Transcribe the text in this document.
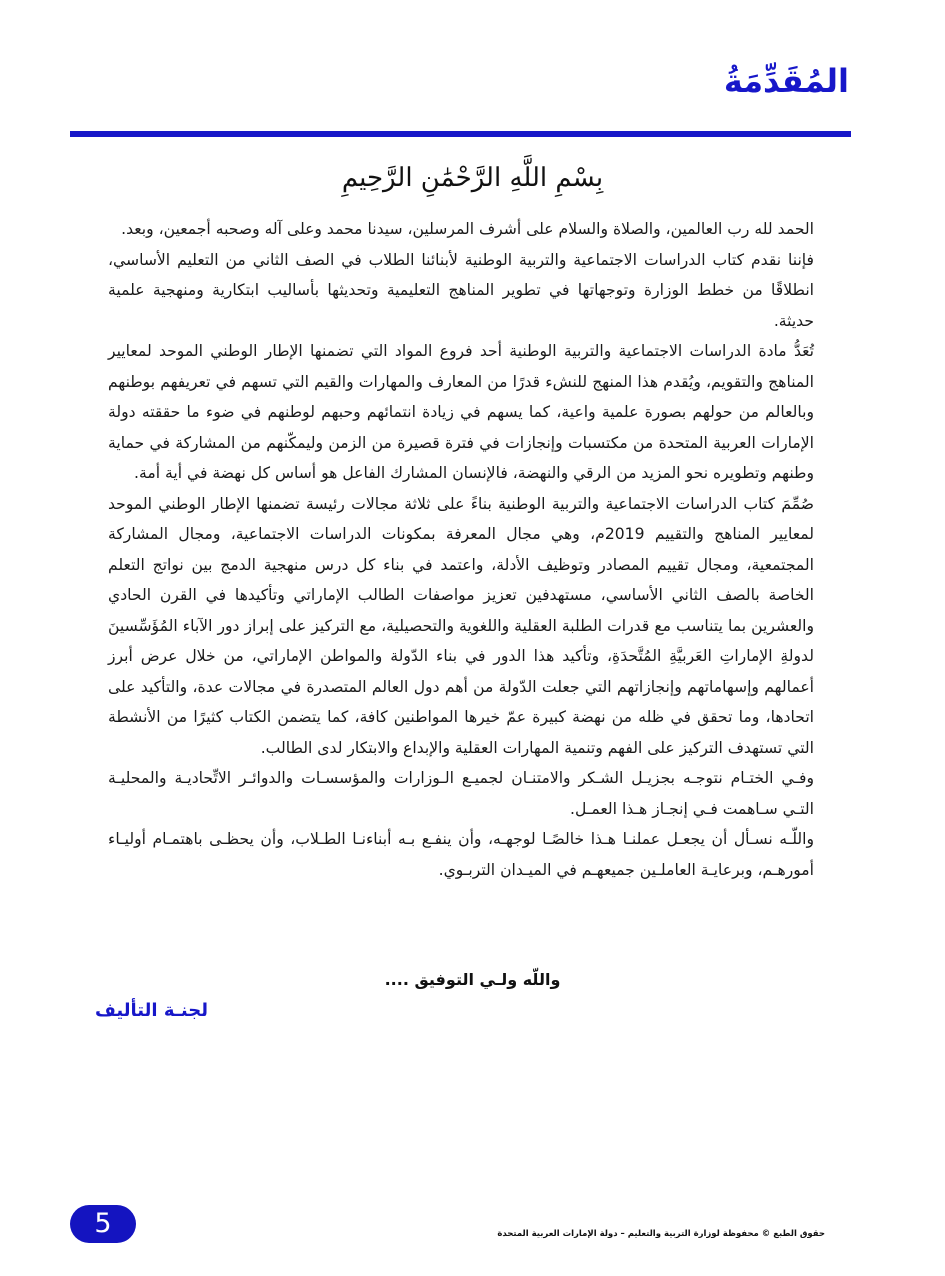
المُقَدِّمَةُ
بِسْمِ اللَّهِ الرَّحْمَٰنِ الرَّحِيمِ

الحمد لله رب العالمين، والصلاة والسلام على أشرف المرسلين، سيدنا محمد وعلى آله وصحبه أجمعين، وبعد.

فإننا نقدم كتاب الدراسات الاجتماعية والتربية الوطنية لأبنائنا الطلاب في الصف الثاني من التعليم الأساسي، انطلاقًا من خطط الوزارة وتوجهاتها في تطوير المناهج التعليمية وتحديثها بأساليب ابتكارية ومنهجية علمية حديثة.

تُعَدُّ مادة الدراسات الاجتماعية والتربية الوطنية أحد فروع المواد التي تضمنها الإطار الوطني الموحد لمعايير المناهج والتقويم، ويُقدم هذا المنهج للنشء قدرًا من المعارف والمهارات والقيم التي تسهم في تعريفهم بوطنهم وبالعالم من حولهم بصورة علمية واعية، كما يسهم في زيادة انتمائهم وحبهم لوطنهم في ضوء ما حققته دولة الإمارات العربية المتحدة من مكتسبات وإنجازات في فترة قصيرة من الزمن وليمكّنهم من المشاركة في حماية وطنهم وتطويره نحو المزيد من الرقي والنهضة، فالإنسان المشارك الفاعل هو أساس كل نهضة في أية أمة.

صُمِّمَ كتاب الدراسات الاجتماعية والتربية الوطنية بناءً على ثلاثة مجالات رئيسة تضمنها الإطار الوطني الموحد لمعايير المناهج والتقييم 2019م، وهي مجال المعرفة بمكونات الدراسات الاجتماعية، ومجال المشاركة المجتمعية، ومجال تقييم المصادر وتوظيف الأدلة، واعتمد في بناء كل درس منهجية الدمج بين نواتج التعلم الخاصة بالصف الثاني الأساسي، مستهدفين تعزيز مواصفات الطالب الإماراتي وتأكيدها في القرن الحادي والعشرين بما يتناسب مع قدرات الطلبة العقلية واللغوية والتحصيلية، مع التركيز على إبراز دور الآباء المُؤَسِّسينَ لدولةِ الإماراتِ العَربيَّةِ المُتَّحدَةِ، وتأكيد هذا الدور في بناء الدّولة والمواطن الإماراتي، من خلال عرض أبرز أعمالهم وإسهاماتهم وإنجازاتهم التي جعلت الدّولة من أهم دول العالم المتصدرة في مجالات عدة، والتأكيد على اتحادها، وما تحقق في ظله من نهضة كبيرة عمّ خيرها المواطنين كافة، كما يتضمن الكتاب كثيرًا من الأنشطة التي تستهدف التركيز على الفهم وتنمية المهارات العقلية والإبداع والابتكار لدى الطالب.

وفـي الختـام نتوجـه بجزيـل الشـكر والامتنـان لجميـع الـوزارات والمؤسسـات والدوائـر الاتِّحاديـة والمحليـة التـي سـاهمت فـي إنجـاز هـذا العمـل.

واللّـه نسـأل أن يجعـل عملنـا هـذا خالصًـا لوجهـه، وأن ينفـع بـه أبناءنـا الطـلاب، وأن يحظـى باهتمـام أوليـاء أمورهـم، وبرعايـة العاملـين جميعهـم في الميـدان التربـوي.

واللّه ولـي التوفيق ....
لجنـة التأليف
5	حقوق الطبع © محفوظة لوزارة التربية والتعليم – دولة الإمارات العربية المتحدة
